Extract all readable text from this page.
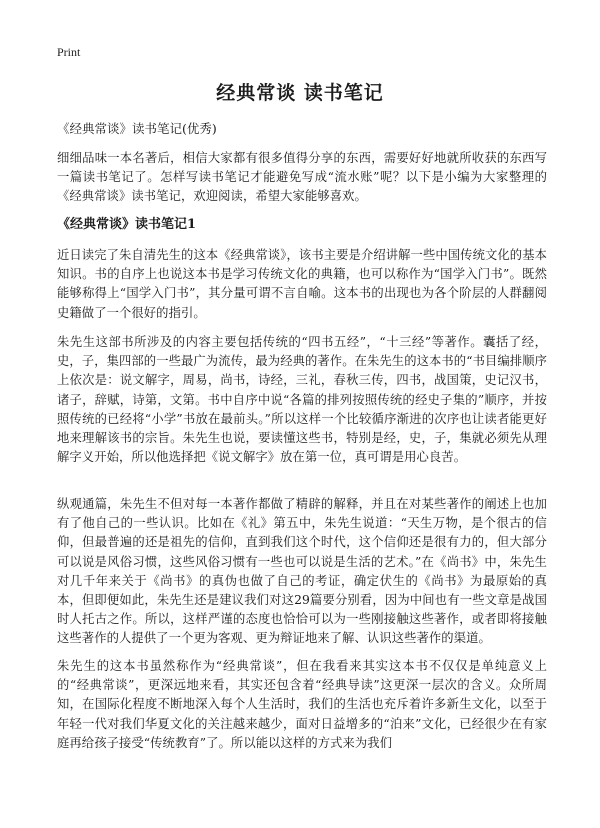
Print
经典常谈 读书笔记
《经典常谈》读书笔记(优秀)

细细品味一本名著后，相信大家都有很多值得分享的东西，需要好好地就所收获的东西写一篇读书笔记了。怎样写读书笔记才能避免写成“流水账”呢？以下是小编为大家整理的《经典常谈》读书笔记，欢迎阅读，希望大家能够喜欢。

《经典常谈》读书笔记1

近日读完了朱自清先生的这本《经典常谈》，该书主要是介绍讲解一些中国传统文化的基本知识。书的自序上也说这本书是学习传统文化的典籍，也可以称作为“国学入门书”。既然能够称得上“国学入门书”，其分量可谓不言自喻。这本书的出现也为各个阶层的人群翻阅史籍做了一个很好的指引。

朱先生这部书所涉及的内容主要包括传统的“四书五经”，“十三经”等著作。囊括了经，史，子，集四部的一些最广为流传，最为经典的著作。在朱先生的这本书的“书目编排顺序上依次是：说文解字，周易，尚书，诗经，三礼，春秋三传，四书，战国策，史记汉书，诸子，辞赋，诗第，文第。书中自序中说“各篇的排列按照传统的经史子集的”顺序，并按照传统的已经将“小学”书放在最前头。”所以这样一个比较循序渐进的次序也让读者能更好地来理解该书的宗旨。朱先生也说，要读懂这些书，特别是经，史，子，集就必须先从理解字义开始，所以他选择把《说文解字》放在第一位，真可谓是用心良苦。

纵观通篇，朱先生不但对每一本著作都做了精辟的解释，并且在对某些著作的阐述上也加有了他自己的一些认识。比如在《礼》第五中，朱先生说道：“天生万物，是个很古的信仰，但最普遍的还是祖先的信仰，直到我们这个时代，这个信仰还是很有力的，但大部分可以说是风俗习惯，这些风俗习惯有一些也可以说是生活的艺术。”在《尚书》中，朱先生对几千年来关于《尚书》的真伪也做了自己的考证，确定伏生的《尚书》为最原始的真本，但即便如此，朱先生还是建议我们对这29篇要分别看，因为中间也有一些文章是战国时人托古之作。所以，这样严谨的态度也恰恰可以为一些刚接触这些著作，或者即将接触这些著作的人提供了一个更为客观、更为辩证地来了解、认识这些著作的渠道。

朱先生的这本书虽然称作为“经典常谈”，但在我看来其实这本书不仅仅是单纯意义上的“经典常谈”，更深远地来看，其实还包含着“经典导读”这更深一层次的含义。众所周知，在国际化程度不断地深入每个人生活时，我们的生活也充斥着许多新生文化，以至于年轻一代对我们华夏文化的关注越来越少，面对日益增多的“泊来”文化，已经很少在有家庭再给孩子接受“传统教育”了。所以能以这样的方式来为我们
